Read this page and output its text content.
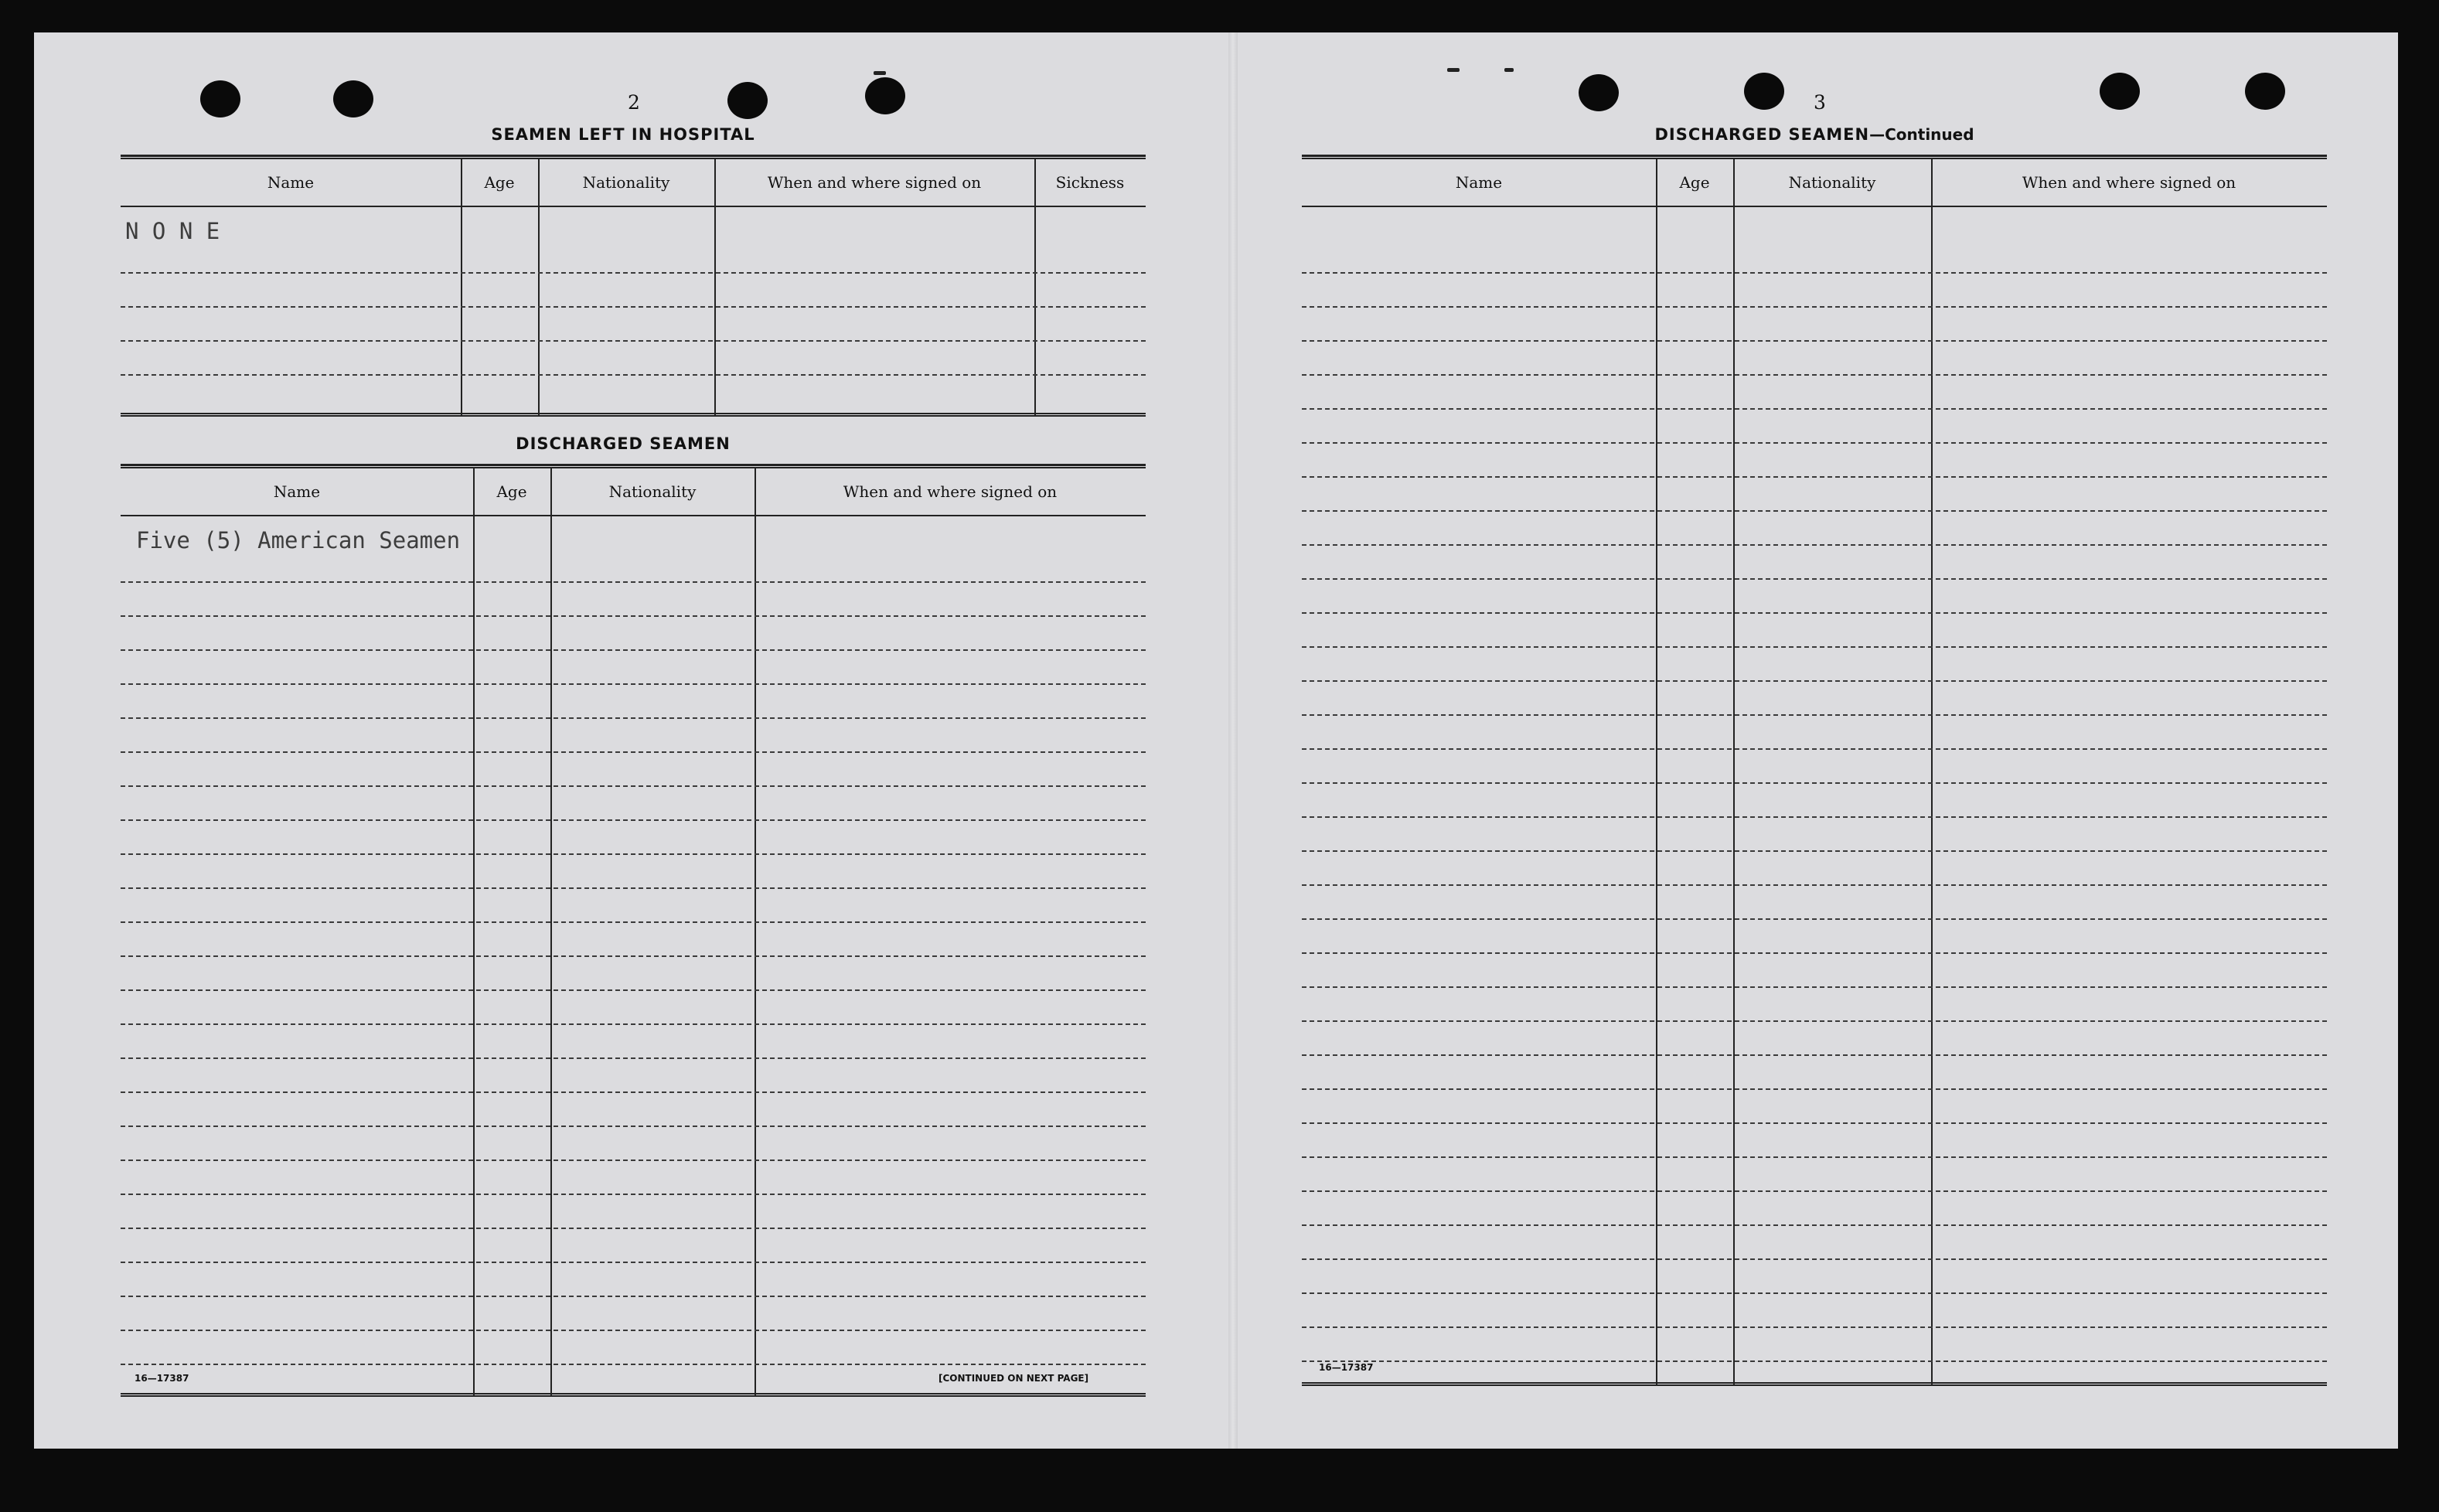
2
SEAMEN LEFT IN HOSPITAL
Name	Age	Nationality	When and where signed on	Sickness
N O N E
DISCHARGED SEAMEN
Name	Age	Nationality	When and where signed on
Five (5) American Seamen
16—17387	[CONTINUED ON NEXT PAGE]
3
DISCHARGED SEAMEN—Continued
Name	Age	Nationality	When and where signed on
16—17387
